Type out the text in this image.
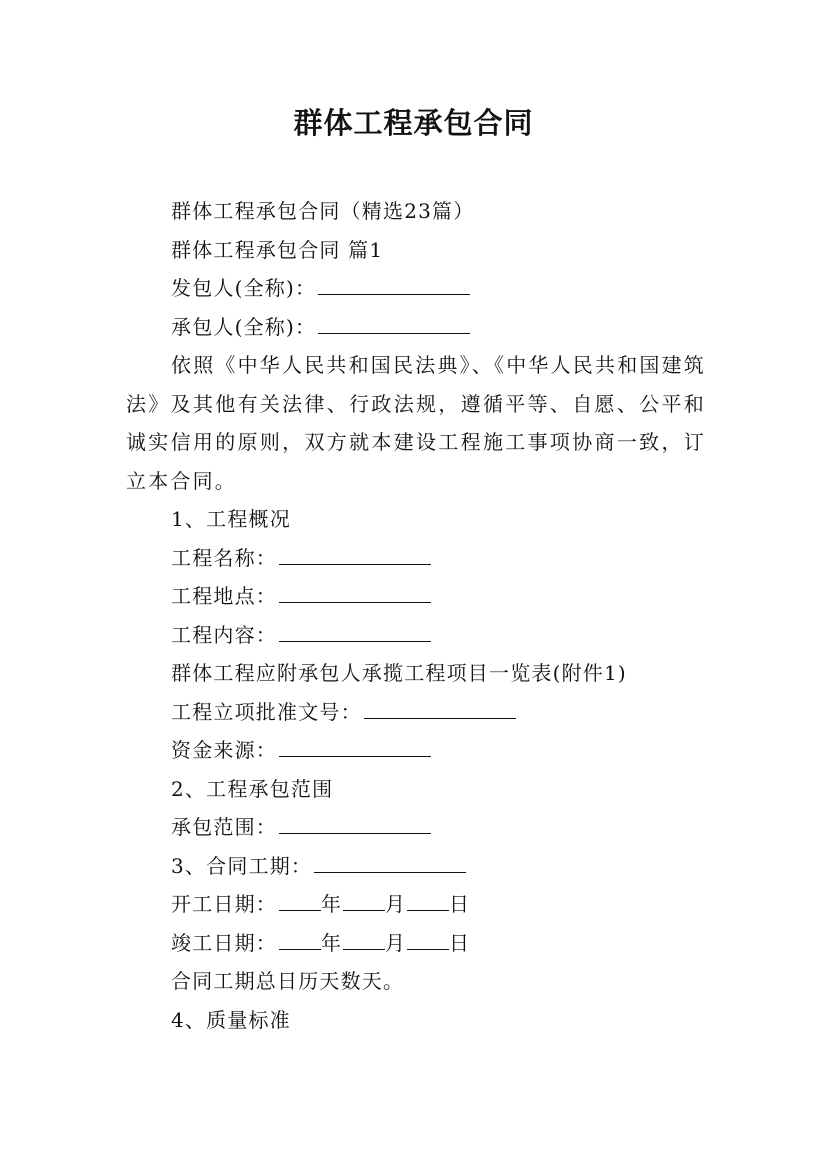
群体工程承包合同
群体工程承包合同（精选23篇）
群体工程承包合同 篇1
发包人(全称)：
承包人(全称)：
依照《中华人民共和国民法典》、《中华人民共和国建筑法》及其他有关法律、行政法规，遵循平等、自愿、公平和诚实信用的原则，双方就本建设工程施工事项协商一致，订立本合同。
1、工程概况
工程名称：
工程地点：
工程内容：
群体工程应附承包人承揽工程项目一览表(附件1)
工程立项批准文号：
资金来源：
2、工程承包范围
承包范围：
3、合同工期：
开工日期： 年 月 日
竣工日期： 年 月 日
合同工期总日历天数天。
4、质量标准
